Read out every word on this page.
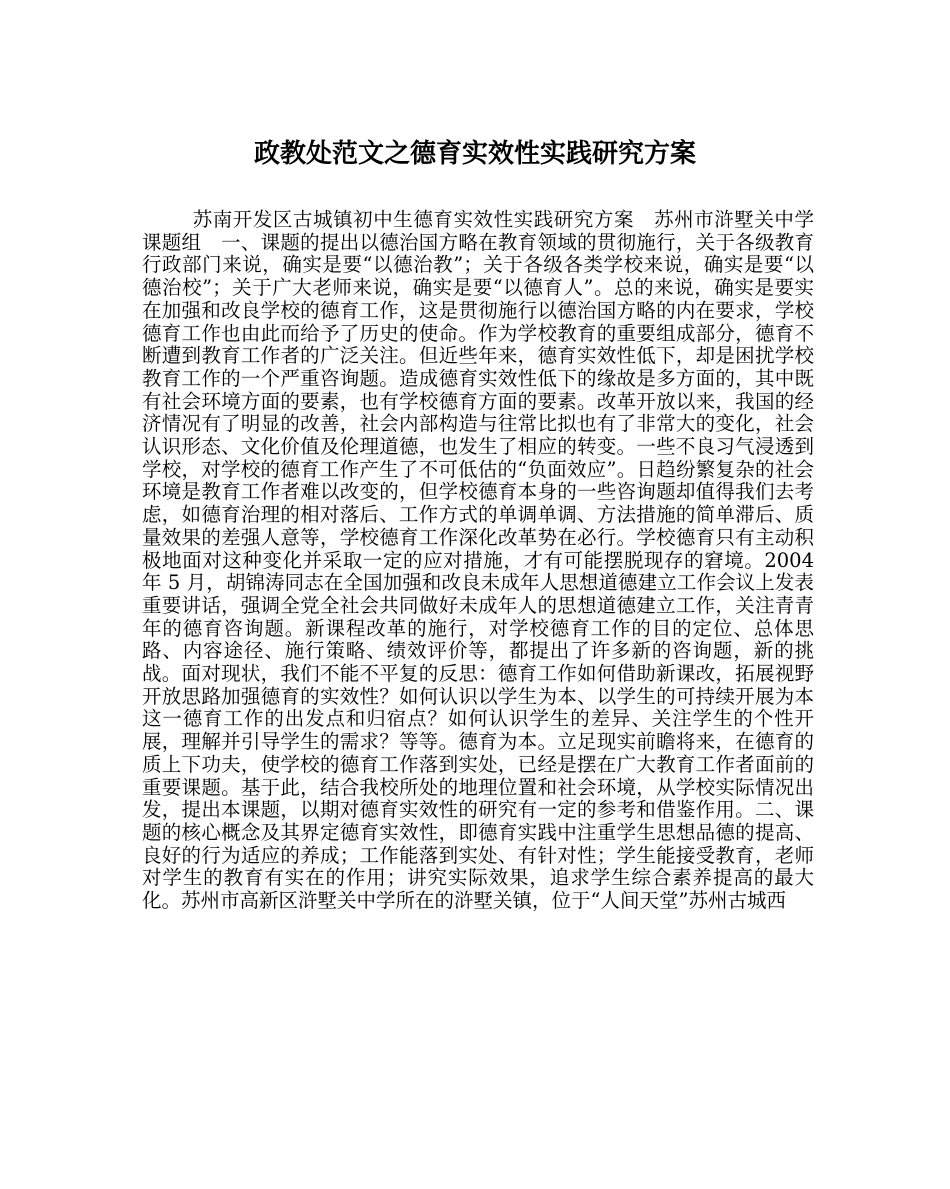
政教处范文之德育实效性实践研究方案

苏南开发区古城镇初中生德育实效性实践研究方案　苏州市浒墅关中学课题组　一、课题的提出以德治国方略在教育领域的贯彻施行，关于各级教育行政部门来说，确实是要“以德治教”；关于各级各类学校来说，确实是要“以德治校”；关于广大老师来说，确实是要“以德育人”。总的来说，确实是要实在加强和改良学校的德育工作，这是贯彻施行以德治国方略的内在要求，学校德育工作也由此而给予了历史的使命。作为学校教育的重要组成部分，德育不断遭到教育工作者的广泛关注。但近些年来，德育实效性低下，却是困扰学校教育工作的一个严重咨询题。造成德育实效性低下的缘故是多方面的，其中既有社会环境方面的要素，也有学校德育方面的要素。改革开放以来，我国的经济情况有了明显的改善，社会内部构造与往常比拟也有了非常大的变化，社会认识形态、文化价值及伦理道德，也发生了相应的转变。一些不良习气浸透到学校，对学校的德育工作产生了不可低估的“负面效应”。日趋纷繁复杂的社会环境是教育工作者难以改变的，但学校德育本身的一些咨询题却值得我们去考虑，如德育治理的相对落后、工作方式的单调单调、方法措施的简单滞后、质量效果的差强人意等，学校德育工作深化改革势在必行。学校德育只有主动积极地面对这种变化并采取一定的应对措施，才有可能摆脱现存的窘境。2004 年 5 月，胡锦涛同志在全国加强和改良未成年人思想道德建立工作会议上发表重要讲话，强调全党全社会共同做好未成年人的思想道德建立工作，关注青青年的德育咨询题。新课程改革的施行，对学校德育工作的目的定位、总体思路、内容途径、施行策略、绩效评价等，都提出了许多新的咨询题，新的挑战。面对现状，我们不能不平复的反思：德育工作如何借助新课改，拓展视野开放思路加强德育的实效性？如何认识以学生为本、以学生的可持续开展为本这一德育工作的出发点和归宿点？如何认识学生的差异、关注学生的个性开展，理解并引导学生的需求？等等。德育为本。立足现实前瞻将来，在德育的质上下功夫，使学校的德育工作落到实处，已经是摆在广大教育工作者面前的重要课题。基于此，结合我校所处的地理位置和社会环境，从学校实际情况出发，提出本课题，以期对德育实效性的研究有一定的参考和借鉴作用。二、课题的核心概念及其界定德育实效性，即德育实践中注重学生思想品德的提高、良好的行为适应的养成；工作能落到实处、有针对性；学生能接受教育，老师对学生的教育有实在的作用；讲究实际效果，追求学生综合素养提高的最大化。苏州市高新区浒墅关中学所在的浒墅关镇，位于“人间天堂”苏州古城西
